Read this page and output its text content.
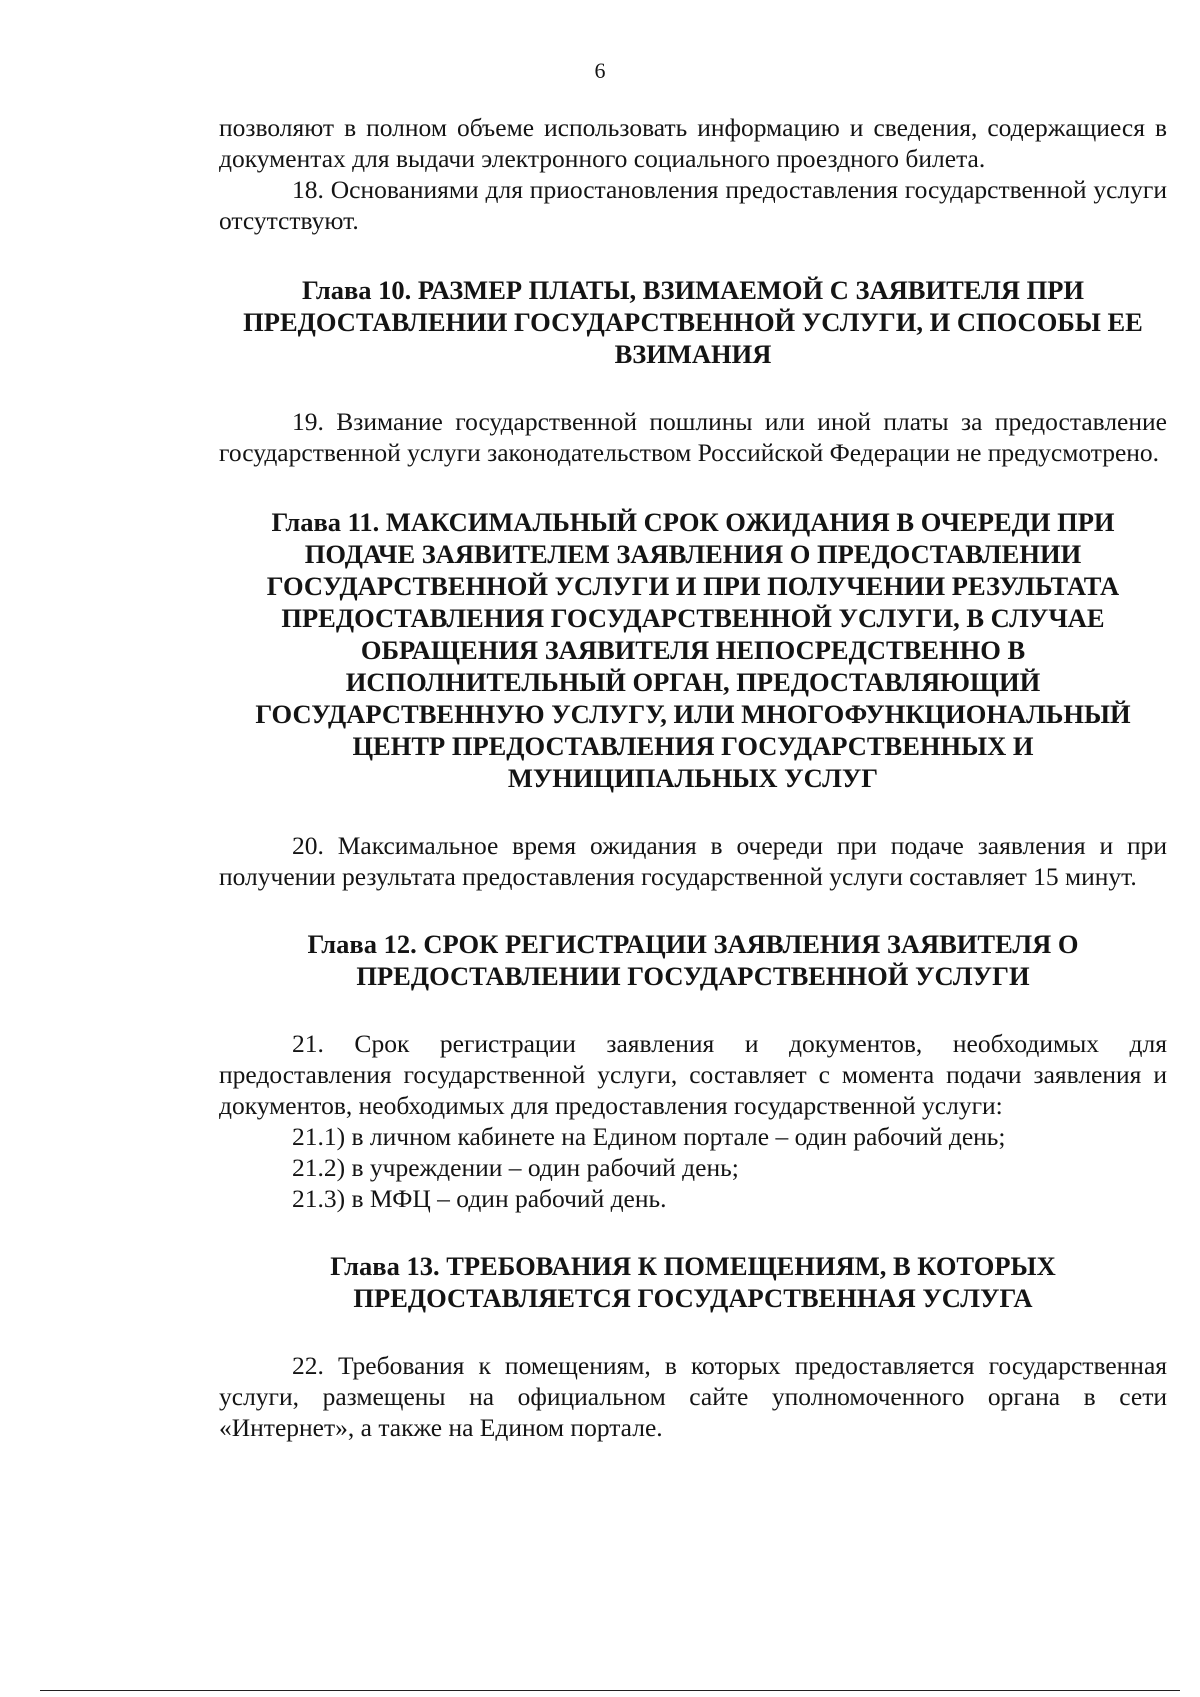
6

позволяют в полном объеме использовать информацию и сведения, содержащиеся в документах для выдачи электронного социального проездного билета.

18. Основаниями для приостановления предоставления государственной услуги отсутствуют.

Глава 10. РАЗМЕР ПЛАТЫ, ВЗИМАЕМОЙ С ЗАЯВИТЕЛЯ ПРИ ПРЕДОСТАВЛЕНИИ ГОСУДАРСТВЕННОЙ УСЛУГИ, И СПОСОБЫ ЕЕ ВЗИМАНИЯ

19. Взимание государственной пошлины или иной платы за предоставление государственной услуги законодательством Российской Федерации не предусмотрено.

Глава 11. МАКСИМАЛЬНЫЙ СРОК ОЖИДАНИЯ В ОЧЕРЕДИ ПРИ ПОДАЧЕ ЗАЯВИТЕЛЕМ ЗАЯВЛЕНИЯ О ПРЕДОСТАВЛЕНИИ ГОСУДАРСТВЕННОЙ УСЛУГИ И ПРИ ПОЛУЧЕНИИ РЕЗУЛЬТАТА ПРЕДОСТАВЛЕНИЯ ГОСУДАРСТВЕННОЙ УСЛУГИ, В СЛУЧАЕ ОБРАЩЕНИЯ ЗАЯВИТЕЛЯ НЕПОСРЕДСТВЕННО В ИСПОЛНИТЕЛЬНЫЙ ОРГАН, ПРЕДОСТАВЛЯЮЩИЙ ГОСУДАРСТВЕННУЮ УСЛУГУ, ИЛИ МНОГОФУНКЦИОНАЛЬНЫЙ ЦЕНТР ПРЕДОСТАВЛЕНИЯ ГОСУДАРСТВЕННЫХ И МУНИЦИПАЛЬНЫХ УСЛУГ

20. Максимальное время ожидания в очереди при подаче заявления и при получении результата предоставления государственной услуги составляет 15 минут.

Глава 12. СРОК РЕГИСТРАЦИИ ЗАЯВЛЕНИЯ ЗАЯВИТЕЛЯ О ПРЕДОСТАВЛЕНИИ ГОСУДАРСТВЕННОЙ УСЛУГИ

21. Срок регистрации заявления и документов, необходимых для предоставления государственной услуги, составляет с момента подачи заявления и документов, необходимых для предоставления государственной услуги:

21.1) в личном кабинете на Едином портале – один рабочий день;

21.2) в учреждении – один рабочий день;

21.3) в МФЦ – один рабочий день.

Глава 13. ТРЕБОВАНИЯ К ПОМЕЩЕНИЯМ, В КОТОРЫХ ПРЕДОСТАВЛЯЕТСЯ ГОСУДАРСТВЕННАЯ УСЛУГА

22. Требования к помещениям, в которых предоставляется государственная услуги, размещены на официальном сайте уполномоченного органа в сети «Интернет», а также на Едином портале.
